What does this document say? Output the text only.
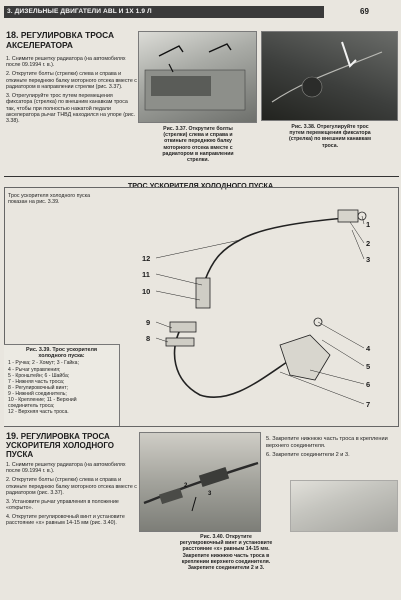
3. ДИЗЕЛЬНЫЕ ДВИГАТЕЛИ ABL И 1X 1.9 Л	69
18. РЕГУЛИРОВКА ТРОСА
АКСЕЛЕРАТОРА

1. Снимите решетку радиатора (на автомобилях после 09.1994 г. в.).

2. Открутите болты (стрелки) слева и справа и откиньте переднюю балку моторного отсека вместе с радиатором в направлении стрелки (рис. 3.37).

3. Отрегулируйте трос путем перемещения фиксатора (стрелка) по внешним канавкам троса так, чтобы при полностью нажатой педали акселератора рычаг ТНВД находился на упоре (рис. 3.38).

Рис. 3.37. Открутите болты
(стрелки) слева и справа и
откиньте переднюю балку
моторного отсека вместе с
радиатором в направлении
стрелки.
Рис. 3.38. Отрегулируйте трос
путем перемещения фиксатора
(стрелка) по внешним канавкам
троса.
ТРОС УСКОРИТЕЛЯ ХОЛОДНОГО ПУСКА
Трос ускорителя холодного пуска
показан на рис. 3.39.
1
2
3
4
5
6
7
12
11
10
9
8
Рис. 3.39. Трос ускорителя
холодного пуска:
1 - Ручка; 2 - Хомут; 3 - Гайка;
4 - Рычаг управления;
5 - Кронштейн; 6 - Шайба;
7 - Нижняя часть троса;
8 - Регулировочный винт;
9 - Нижний соединитель;
10 - Крепление; 11 - Верхний
соединитель троса;
12 - Верхняя часть троса.
19. РЕГУЛИРОВКА ТРОСА
УСКОРИТЕЛЯ ХОЛОДНОГО
ПУСКА

1. Снимите решетку радиатора (на автомобилях после 09.1994 г. в.).

2. Открутите болты (стрелки) слева и справа и откиньте переднюю балку моторного отсека вместе с радиатором (рис. 3.37).

3. Установите рычаг управления в положение «открыто».

4. Открутите регулировочный винт и установите расстояние «х» равным 14-15 мм (рис. 3.40).

2
3
Рис. 3.40. Открутите
регулировочный винт и установите
расстояние «х» равным 14-15 мм.
Закрепите нижнюю часть троса в
креплении верхнего соединителя.
Закрепите соединители 2 и 3.

5. Закрепите нижнюю часть троса в креплении верхнего соединителя.

6. Закрепите соединители 2 и 3.
